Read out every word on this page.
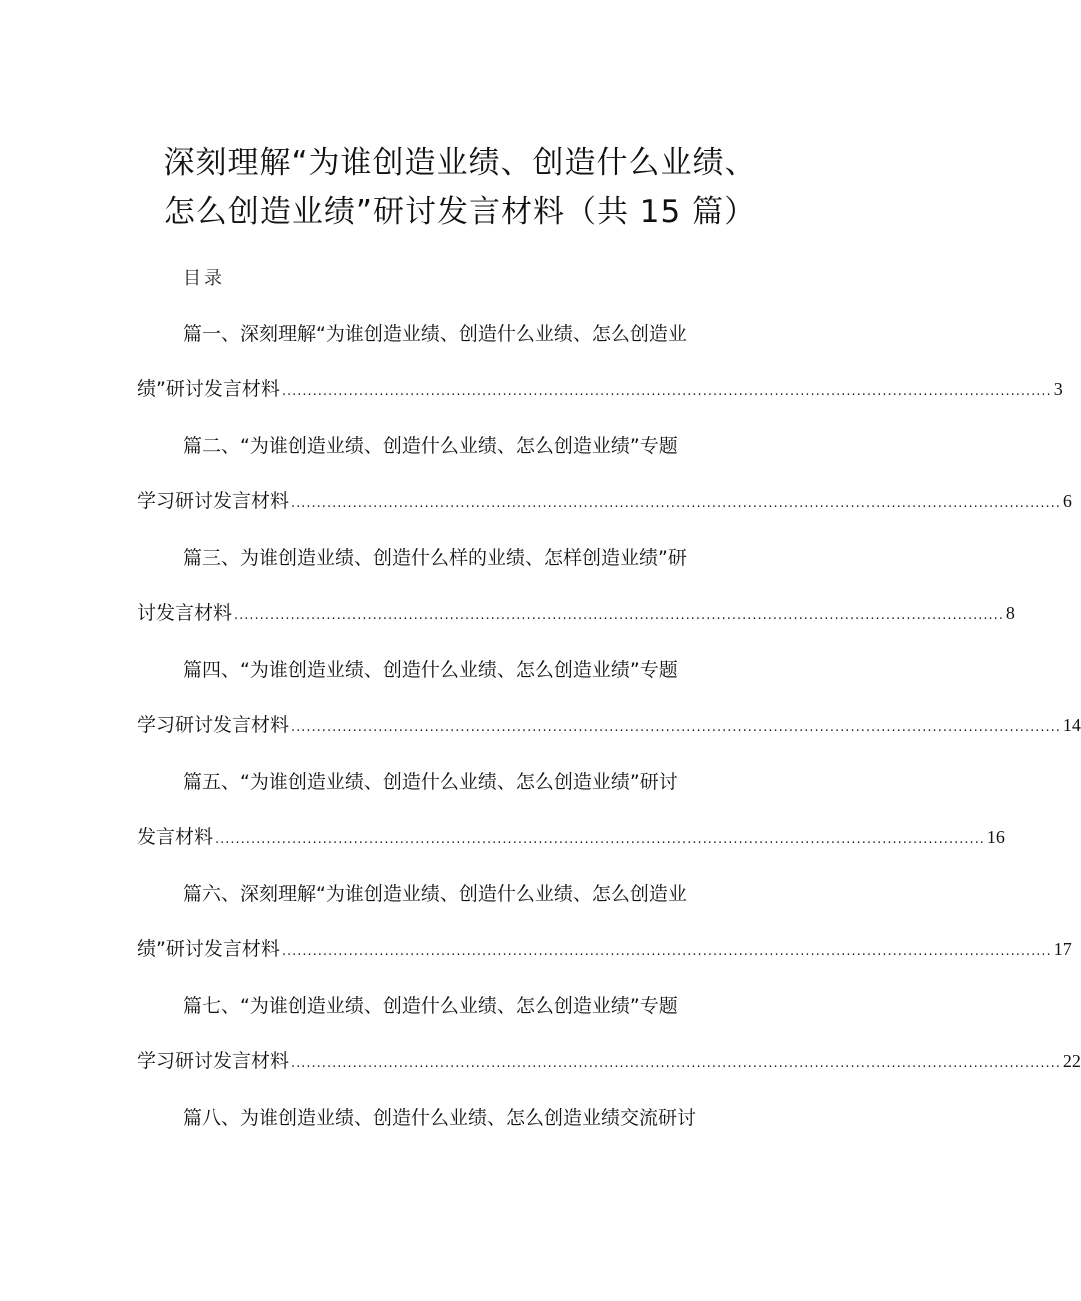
深刻理解“为谁创造业绩、创造什么业绩、
怎么创造业绩”研讨发言材料（共 15 篇）
目录
篇一、深刻理解“为谁创造业绩、创造什么业绩、怎么创造业
绩”研讨发言材料 ...................................................................................................................................................... 3
篇二、“为谁创造业绩、创造什么业绩、怎么创造业绩”专题
学习研讨发言材料 ...................................................................................................................................................... 6
篇三、为谁创造业绩、创造什么样的业绩、怎样创造业绩”研
讨发言材料 ...................................................................................................................................................... 8
篇四、“为谁创造业绩、创造什么业绩、怎么创造业绩”专题
学习研讨发言材料 ...................................................................................................................................................... 14
篇五、“为谁创造业绩、创造什么业绩、怎么创造业绩”研讨
发言材料 ...................................................................................................................................................... 16
篇六、深刻理解“为谁创造业绩、创造什么业绩、怎么创造业
绩”研讨发言材料 ...................................................................................................................................................... 17
篇七、“为谁创造业绩、创造什么业绩、怎么创造业绩”专题
学习研讨发言材料 ...................................................................................................................................................... 22
篇八、为谁创造业绩、创造什么业绩、怎么创造业绩交流研讨
